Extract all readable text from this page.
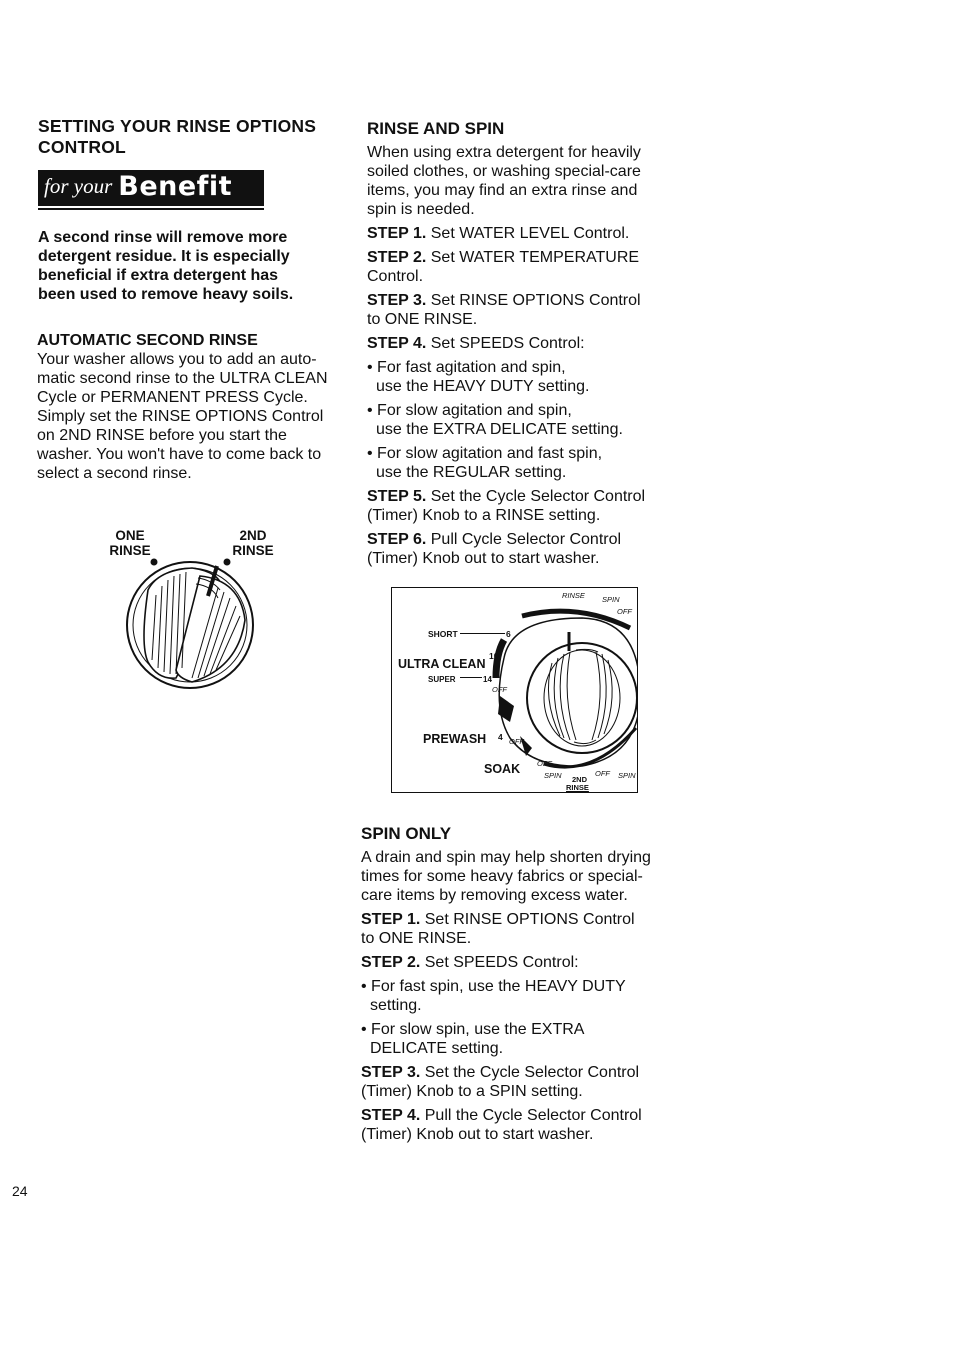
SETTING YOUR RINSE OPTIONS
CONTROL
for your Benefit

A second rinse will remove more

detergent residue. It is especially

beneficial if extra detergent has

been used to remove heavy soils.

AUTOMATIC SECOND RINSE

Your washer allows you to add an auto-

matic second rinse to the ULTRA CLEAN

Cycle or PERMANENT PRESS Cycle.

Simply set the RINSE OPTIONS Control

on 2ND RINSE before you start the

washer. You won't have to come back to

select a second rinse.

ONE
RINSE
2ND
RINSE
RINSE AND SPIN

When using extra detergent for heavily

soiled clothes, or washing special-care

items, you may find an extra rinse and

spin is needed.

STEP 1. Set WATER LEVEL Control.

STEP 2. Set WATER TEMPERATURE

Control.

STEP 3. Set RINSE OPTIONS Control

to ONE RINSE.

STEP 4. Set SPEEDS Control:

• For fast agitation and spin,

use the HEAVY DUTY setting.

• For slow agitation and spin,

use the EXTRA DELICATE setting.

• For slow agitation and fast spin,

use the REGULAR setting.

STEP 5. Set the Cycle Selector Control

(Timer) Knob to a RINSE setting.

STEP 6. Pull Cycle Selector Control

(Timer) Knob out to start washer.

RINSE SPIN
OFF
SHORT	6
10
ULTRA CLEAN
SUPER	14
OFF
PREWASH 4 OFF
SOAK OFF
SPIN	OFF SPIN
2ND
RINSE
SPIN ONLY

A drain and spin may help shorten drying

times for some heavy fabrics or special-

care items by removing excess water.

STEP 1. Set RINSE OPTIONS Control

to ONE RINSE.

STEP 2. Set SPEEDS Control:

• For fast spin, use the HEAVY DUTY

setting.

• For slow spin, use the EXTRA

DELICATE setting.

STEP 3. Set the Cycle Selector Control

(Timer) Knob to a SPIN setting.

STEP 4. Pull the Cycle Selector Control

(Timer) Knob out to start washer.

24
